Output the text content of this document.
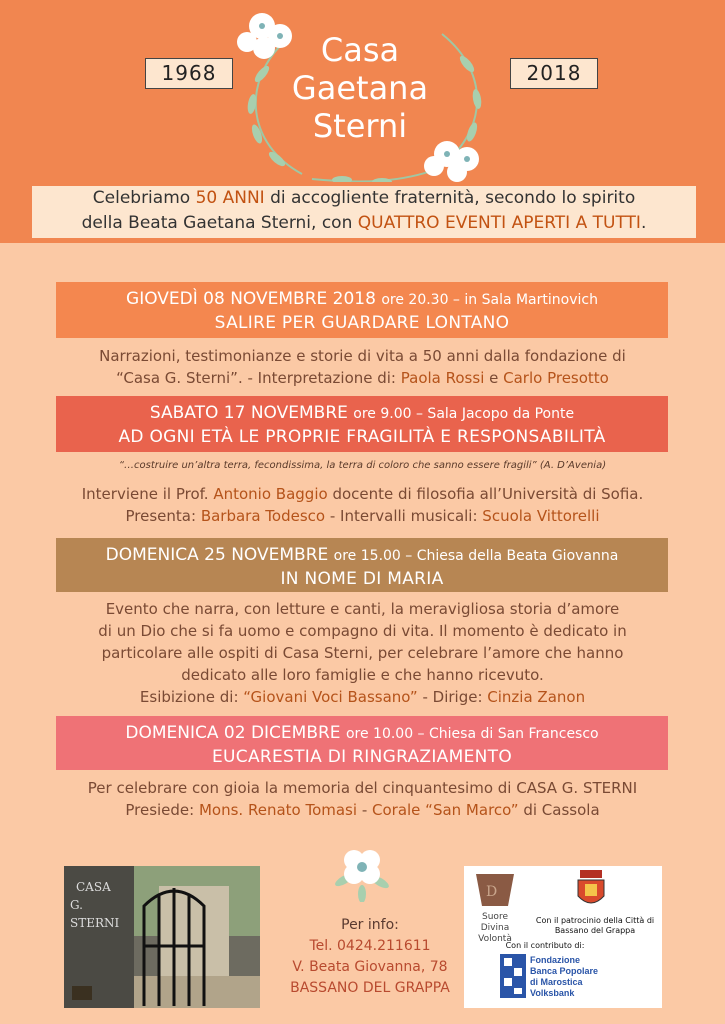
1968	2018
Casa
Gaetana
Sterni
Celebriamo 50 ANNI di accogliente fraternità, secondo lo spirito
della Beata Gaetana Sterni, con QUATTRO EVENTI APERTI A TUTTI.
GIOVEDÌ 08 NOVEMBRE 2018 ore 20.30 – in Sala Martinovich
SALIRE PER GUARDARE LONTANO
Narrazioni, testimonianze e storie di vita a 50 anni dalla fondazione di
“Casa G. Sterni”. - Interpretazione di: Paola Rossi e Carlo Presotto
SABATO 17 NOVEMBRE ore 9.00 – Sala Jacopo da Ponte
AD OGNI ETÀ LE PROPRIE FRAGILITÀ E RESPONSABILITÀ
“…costruire un’altra terra, fecondissima, la terra di coloro che sanno essere fragili” (A. D’Avenia)
Interviene il Prof. Antonio Baggio docente di filosofia all’Università di Sofia.
Presenta: Barbara Todesco - Intervalli musicali: Scuola Vittorelli
DOMENICA 25 NOVEMBRE ore 15.00 – Chiesa della Beata Giovanna
IN NOME DI MARIA
Evento che narra, con letture e canti, la meravigliosa storia d’amore
di un Dio che si fa uomo e compagno di vita. Il momento è dedicato in
particolare alle ospiti di Casa Sterni, per celebrare l’amore che hanno
dedicato alle loro famiglie e che hanno ricevuto.
Esibizione di: “Giovani Voci Bassano” - Dirige: Cinzia Zanon
DOMENICA 02 DICEMBRE ore 10.00 – Chiesa di San Francesco
EUCARESTIA DI RINGRAZIAMENTO
Per celebrare con gioia la memoria del cinquantesimo di CASA G. STERNI
Presiede: Mons. Renato Tomasi - Corale “San Marco” di Cassola
CASA
G. STERNI	Per info:
Tel. 0424.211611
V. Beata Giovanna, 78
BASSANO DEL GRAPPA
D
Suore
Divina
Volontà
Con il patrocinio della Città di
Bassano del Grappa
Con il contributo di:
Fondazione
Banca Popolare
di Marostica
Volksbank
